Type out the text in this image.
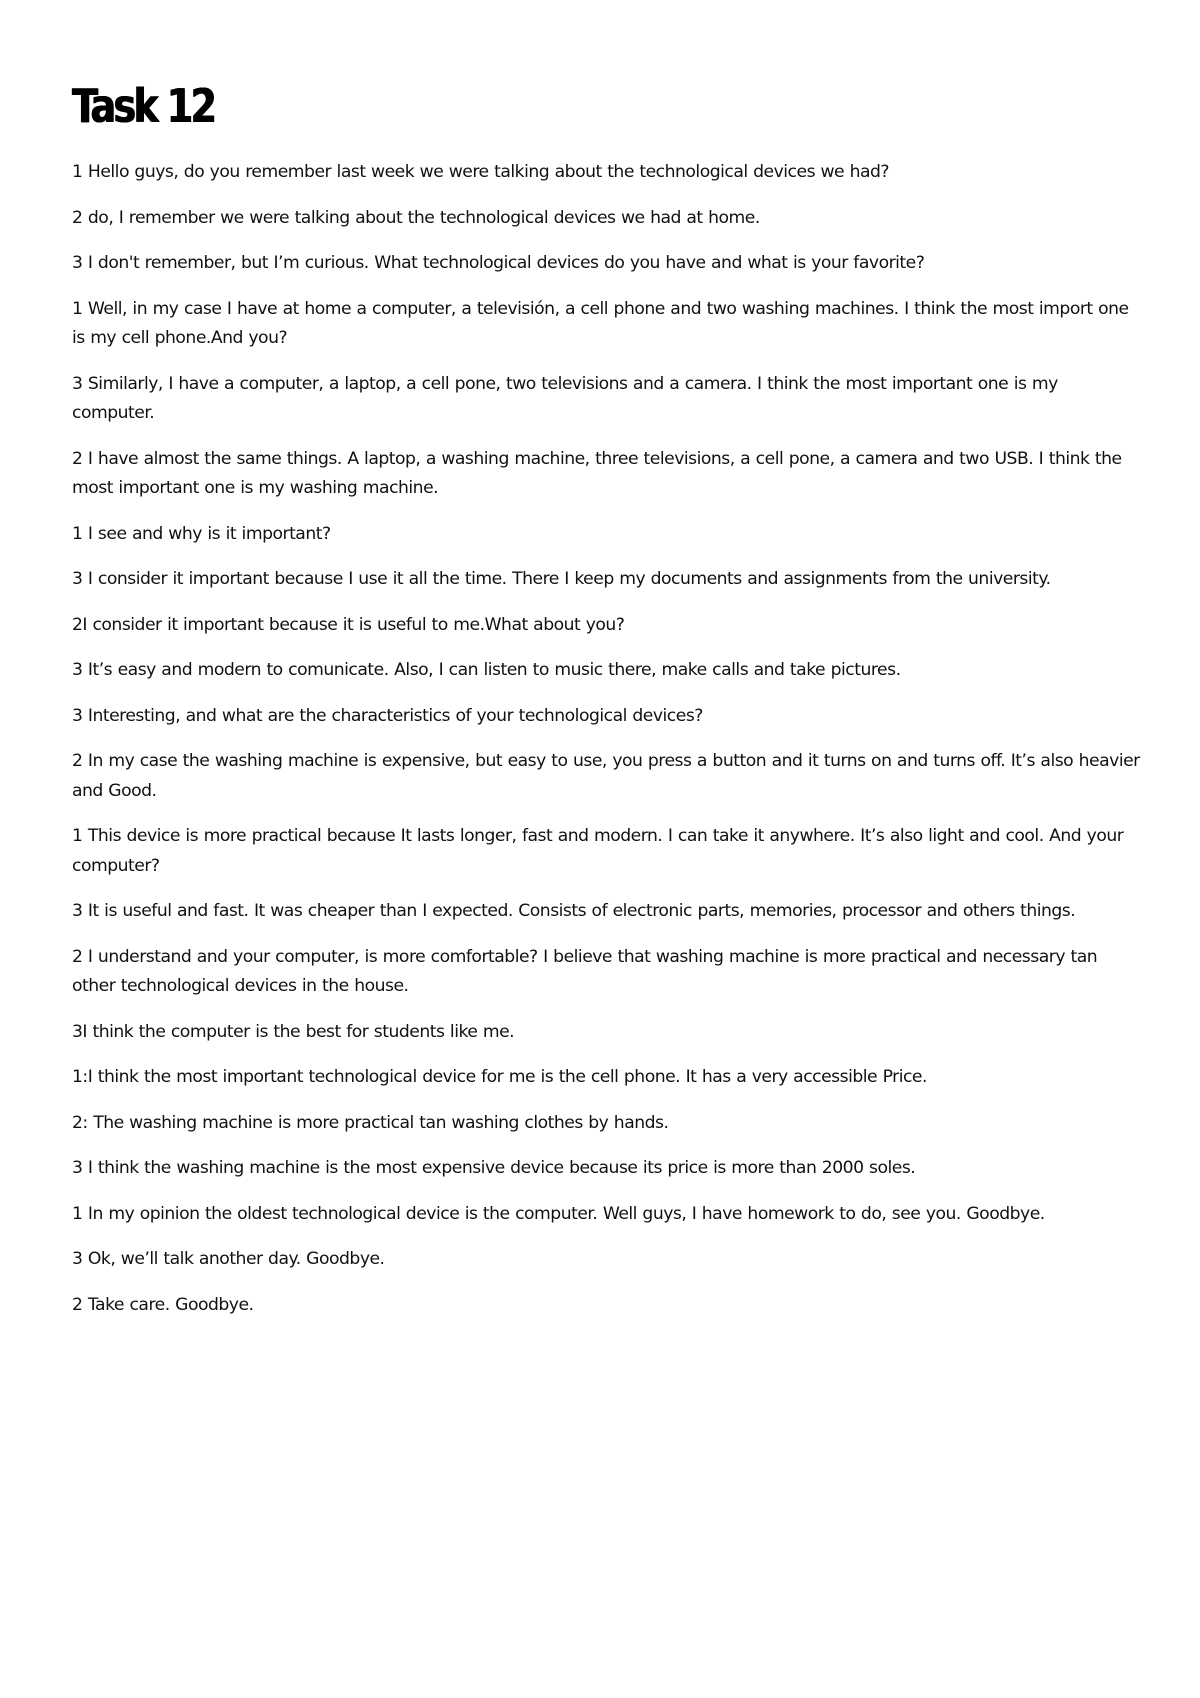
Task 12

1 Hello guys, do you remember last week we were talking about the technological devices we had?

2 do, I remember we were talking about the technological devices we had at home.

3 I don't remember, but I’m curious. What technological devices do you have and what is your favorite?

1 Well, in my case I have at home a computer, a televisión, a cell phone and two washing machines. I think the most import one is my cell phone.And you?

3 Similarly, I have a computer, a laptop, a cell pone, two televisions and a camera. I think the most important one is my computer.

2 I have almost the same things. A laptop, a washing machine, three televisions, a cell pone, a camera and two USB. I think the most important one is my washing machine.

1 I see and why is it important?

3 I consider it important because I use it all the time. There I keep my documents and assignments from the university.

2I consider it important because it is useful to me.What about you?

3 It’s easy and modern to comunicate. Also, I can listen to music there, make calls and take pictures.

3 Interesting, and what are the characteristics of your technological devices?

2 In my case the washing machine is expensive, but easy to use, you press a button and it turns on and turns off. It’s also heavier and Good.

1 This device is more practical because It lasts longer, fast and modern. I can take it anywhere. It’s also light and cool. And your computer?

3 It is useful and fast. It was cheaper than I expected. Consists of electronic parts, memories, processor and others things.

2 I understand and your computer, is more comfortable? I believe that washing machine is more practical and necessary tan other technological devices in the house.

3I think the computer is the best for students like me.

1:I think the most important technological device for me is the cell phone. It has a very accessible Price.

2: The washing machine is more practical tan washing clothes by hands.

3 I think the washing machine is the most expensive device because its price is more than 2000 soles.

1 In my opinion the oldest technological device is the computer. Well guys, I have homework to do, see you. Goodbye.

3 Ok, we’ll talk another day. Goodbye.

2 Take care. Goodbye.
